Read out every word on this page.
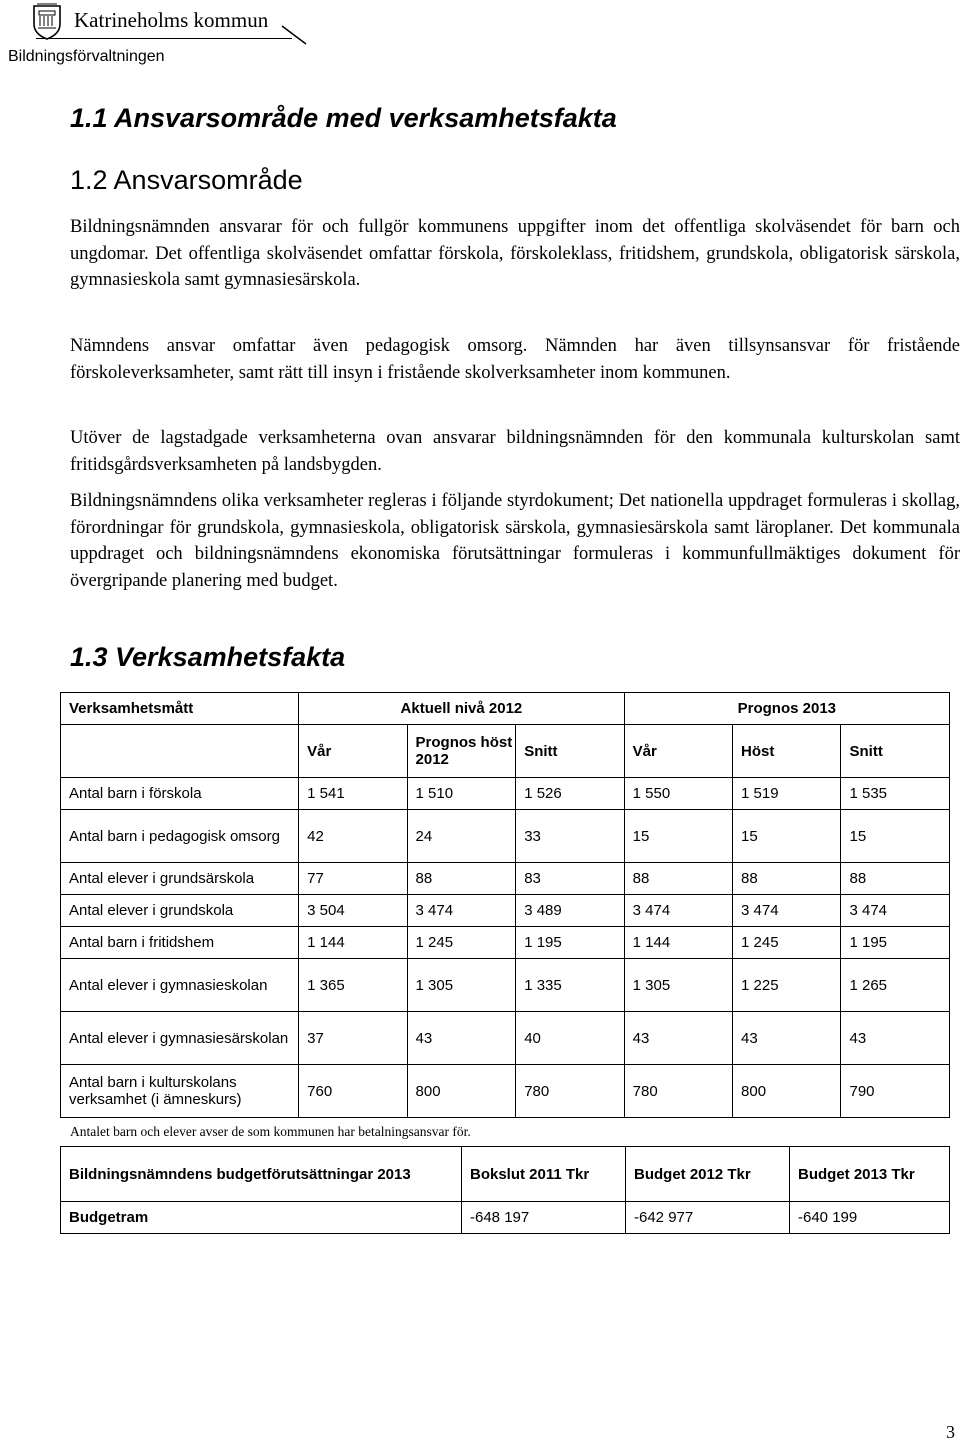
Katrineholms kommun
Bildningsförvaltningen
1.1 Ansvarsområde med verksamhetsfakta
1.2 Ansvarsområde

Bildningsnämnden ansvarar för och fullgör kommunens uppgifter inom det offentliga skolväsendet för barn och ungdomar. Det offentliga skolväsendet omfattar förskola, förskoleklass, fritidshem, grundskola, obligatorisk särskola, gymnasieskola samt gymnasiesärskola.

Nämndens ansvar omfattar även pedagogisk omsorg. Nämnden har även tillsynsansvar för fristående förskoleverksamheter, samt rätt till insyn i fristående skolverksamheter inom kommunen.

Utöver de lagstadgade verksamheterna ovan ansvarar bildningsnämnden för den kommunala kulturskolan samt fritidsgårdsverksamheten på landsbygden.

Bildningsnämndens olika verksamheter regleras i följande styrdokument; Det nationella uppdraget formuleras i skollag, förordningar för grundskola, gymnasieskola, obligatorisk särskola, gymnasiesärskola samt läroplaner. Det kommunala uppdraget och bildningsnämndens ekonomiska förutsättningar formuleras i kommunfullmäktiges dokument för övergripande planering med budget.

1.3 Verksamhetsfakta
Verksamhetsmått	Aktuell nivå 2012			Prognos 2013		
	Vår	Prognos höst 2012	Snitt	Vår	Höst	Snitt
Antal barn i förskola	1 541	1 510	1 526	1 550	1 519	1 535
Antal barn i pedagogisk omsorg	42	24	33	15	15	15
Antal elever i grundsärskola	77	88	83	88	88	88
Antal elever i grundskola	3 504	3 474	3 489	3 474	3 474	3 474
Antal barn i fritidshem	1 144	1 245	1 195	1 144	1 245	1 195
Antal elever i gymnasieskolan	1 365	1 305	1 335	1 305	1 225	1 265
Antal elever i gymnasiesärskolan	37	43	40	43	43	43
Antal barn i kulturskolans verksamhet (i ämneskurs)	760	800	780	780	800	790
Antalet barn och elever avser de som kommunen har betalningsansvar för.
Bildningsnämndens budgetförutsättningar 2013	Bokslut 2011 Tkr	Budget 2012 Tkr	Budget 2013 Tkr
Budgetram	-648 197	-642 977	-640 199
3
